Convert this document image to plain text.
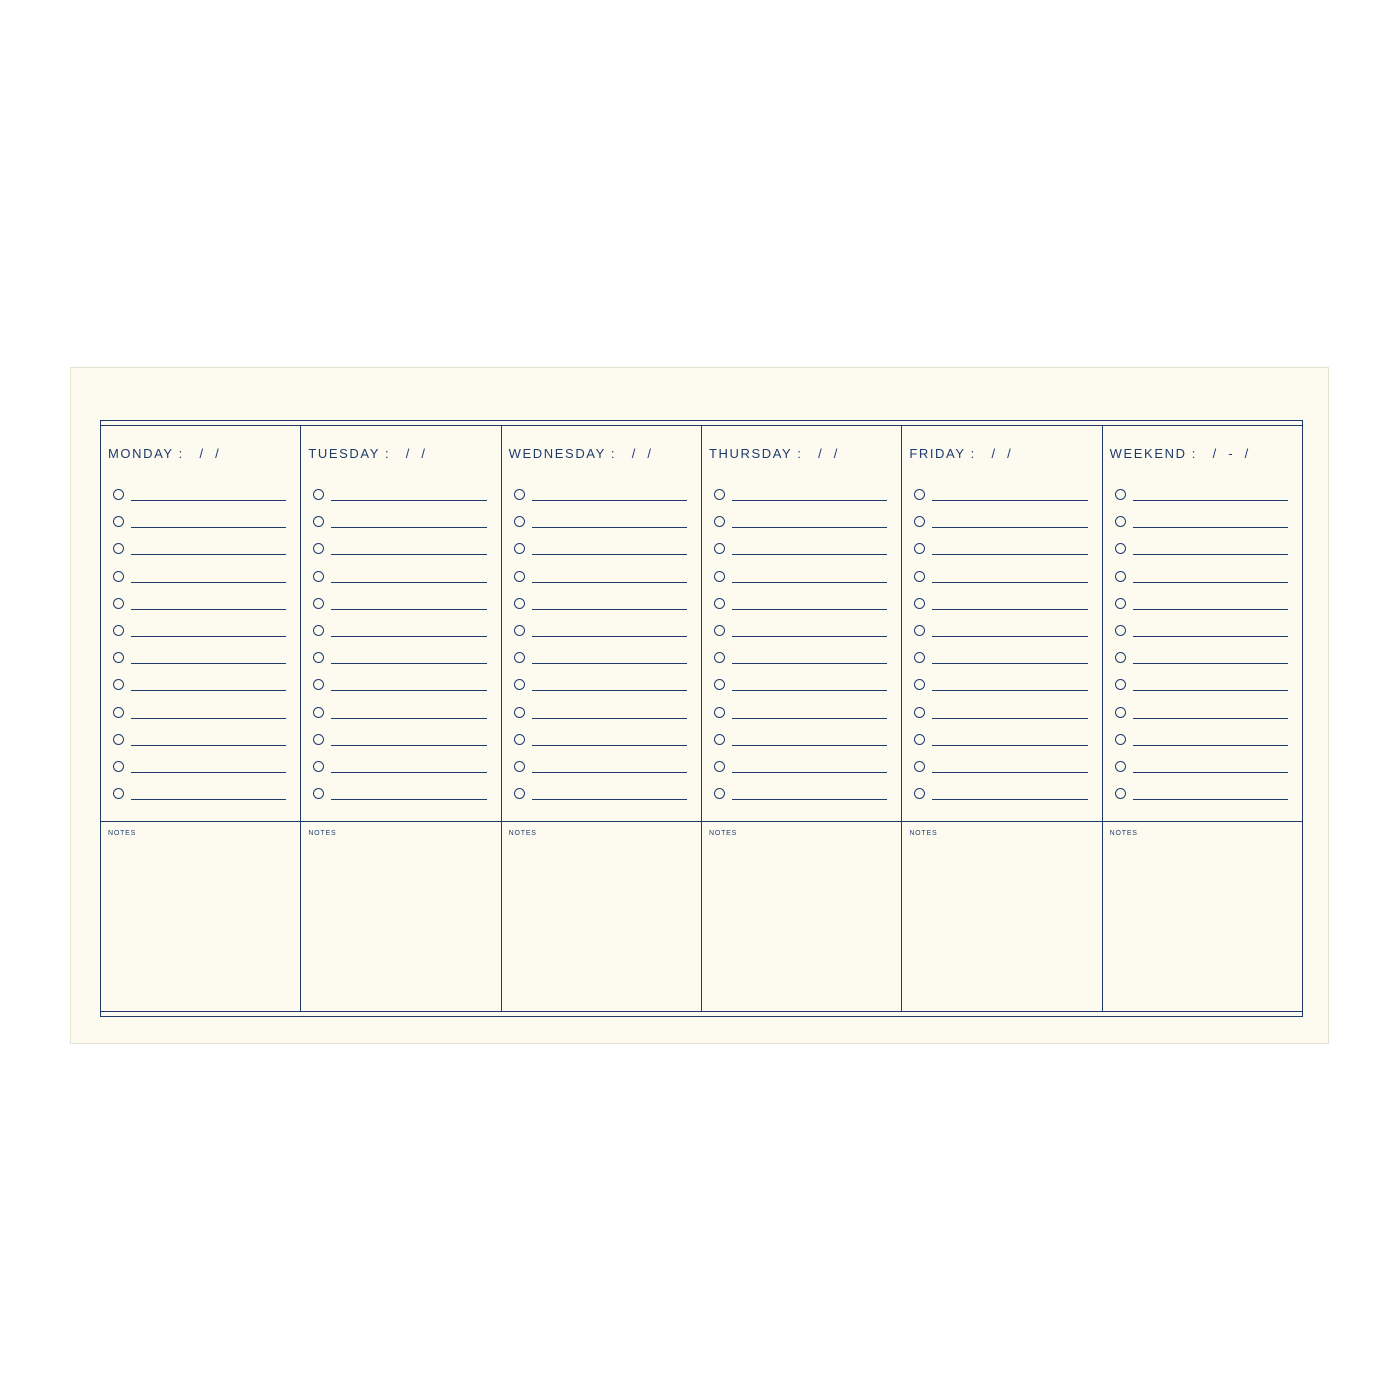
MONDAY :   /  /
NOTES
TUESDAY :   /  /
NOTES
WEDNESDAY :   /  /
NOTES
THURSDAY :   /  /
NOTES
FRIDAY :   /  /
NOTES
WEEKEND :   /  -  /
NOTES
